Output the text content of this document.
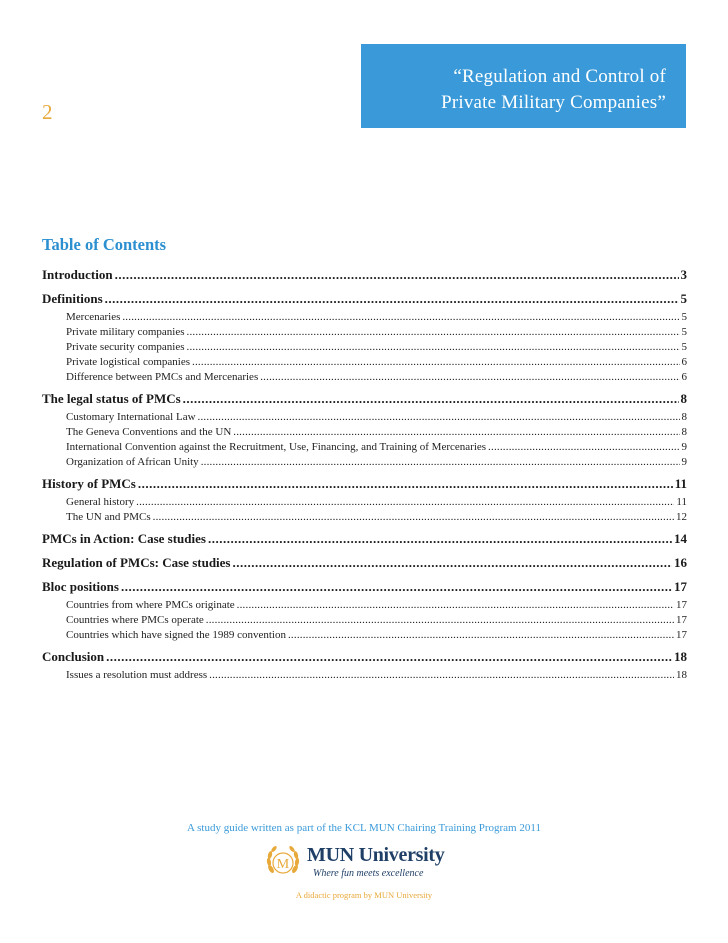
2
“Regulation and Control of
Private Military Companies”
Table of Contents
Introduction .....	3
Definitions .....	5
Mercenaries .....	5
Private military companies .....	5
Private security companies .....	5
Private logistical companies .....	6
Difference between PMCs and Mercenaries .....	6
The legal status of PMCs .....	8
Customary International Law .....	8
The Geneva Conventions and the UN .....	8
International Convention against the Recruitment, Use, Financing, and Training of Mercenaries .....	9
Organization of African Unity .....	9
History of PMCs .....	11
General history .....	11
The UN and PMCs .....	12
PMCs in Action: Case studies .....	14
Regulation of PMCs: Case studies .....	16
Bloc positions .....	17
Countries from where PMCs originate .....	17
Countries where PMCs operate .....	17
Countries which have signed the 1989 convention .....	17
Conclusion .....	18
Issues a resolution must address .....	18
A study guide written as part of the KCL MUN Chairing Training Program 2011
M MUN University
Where fun meets excellence
A didactic program by MUN University
